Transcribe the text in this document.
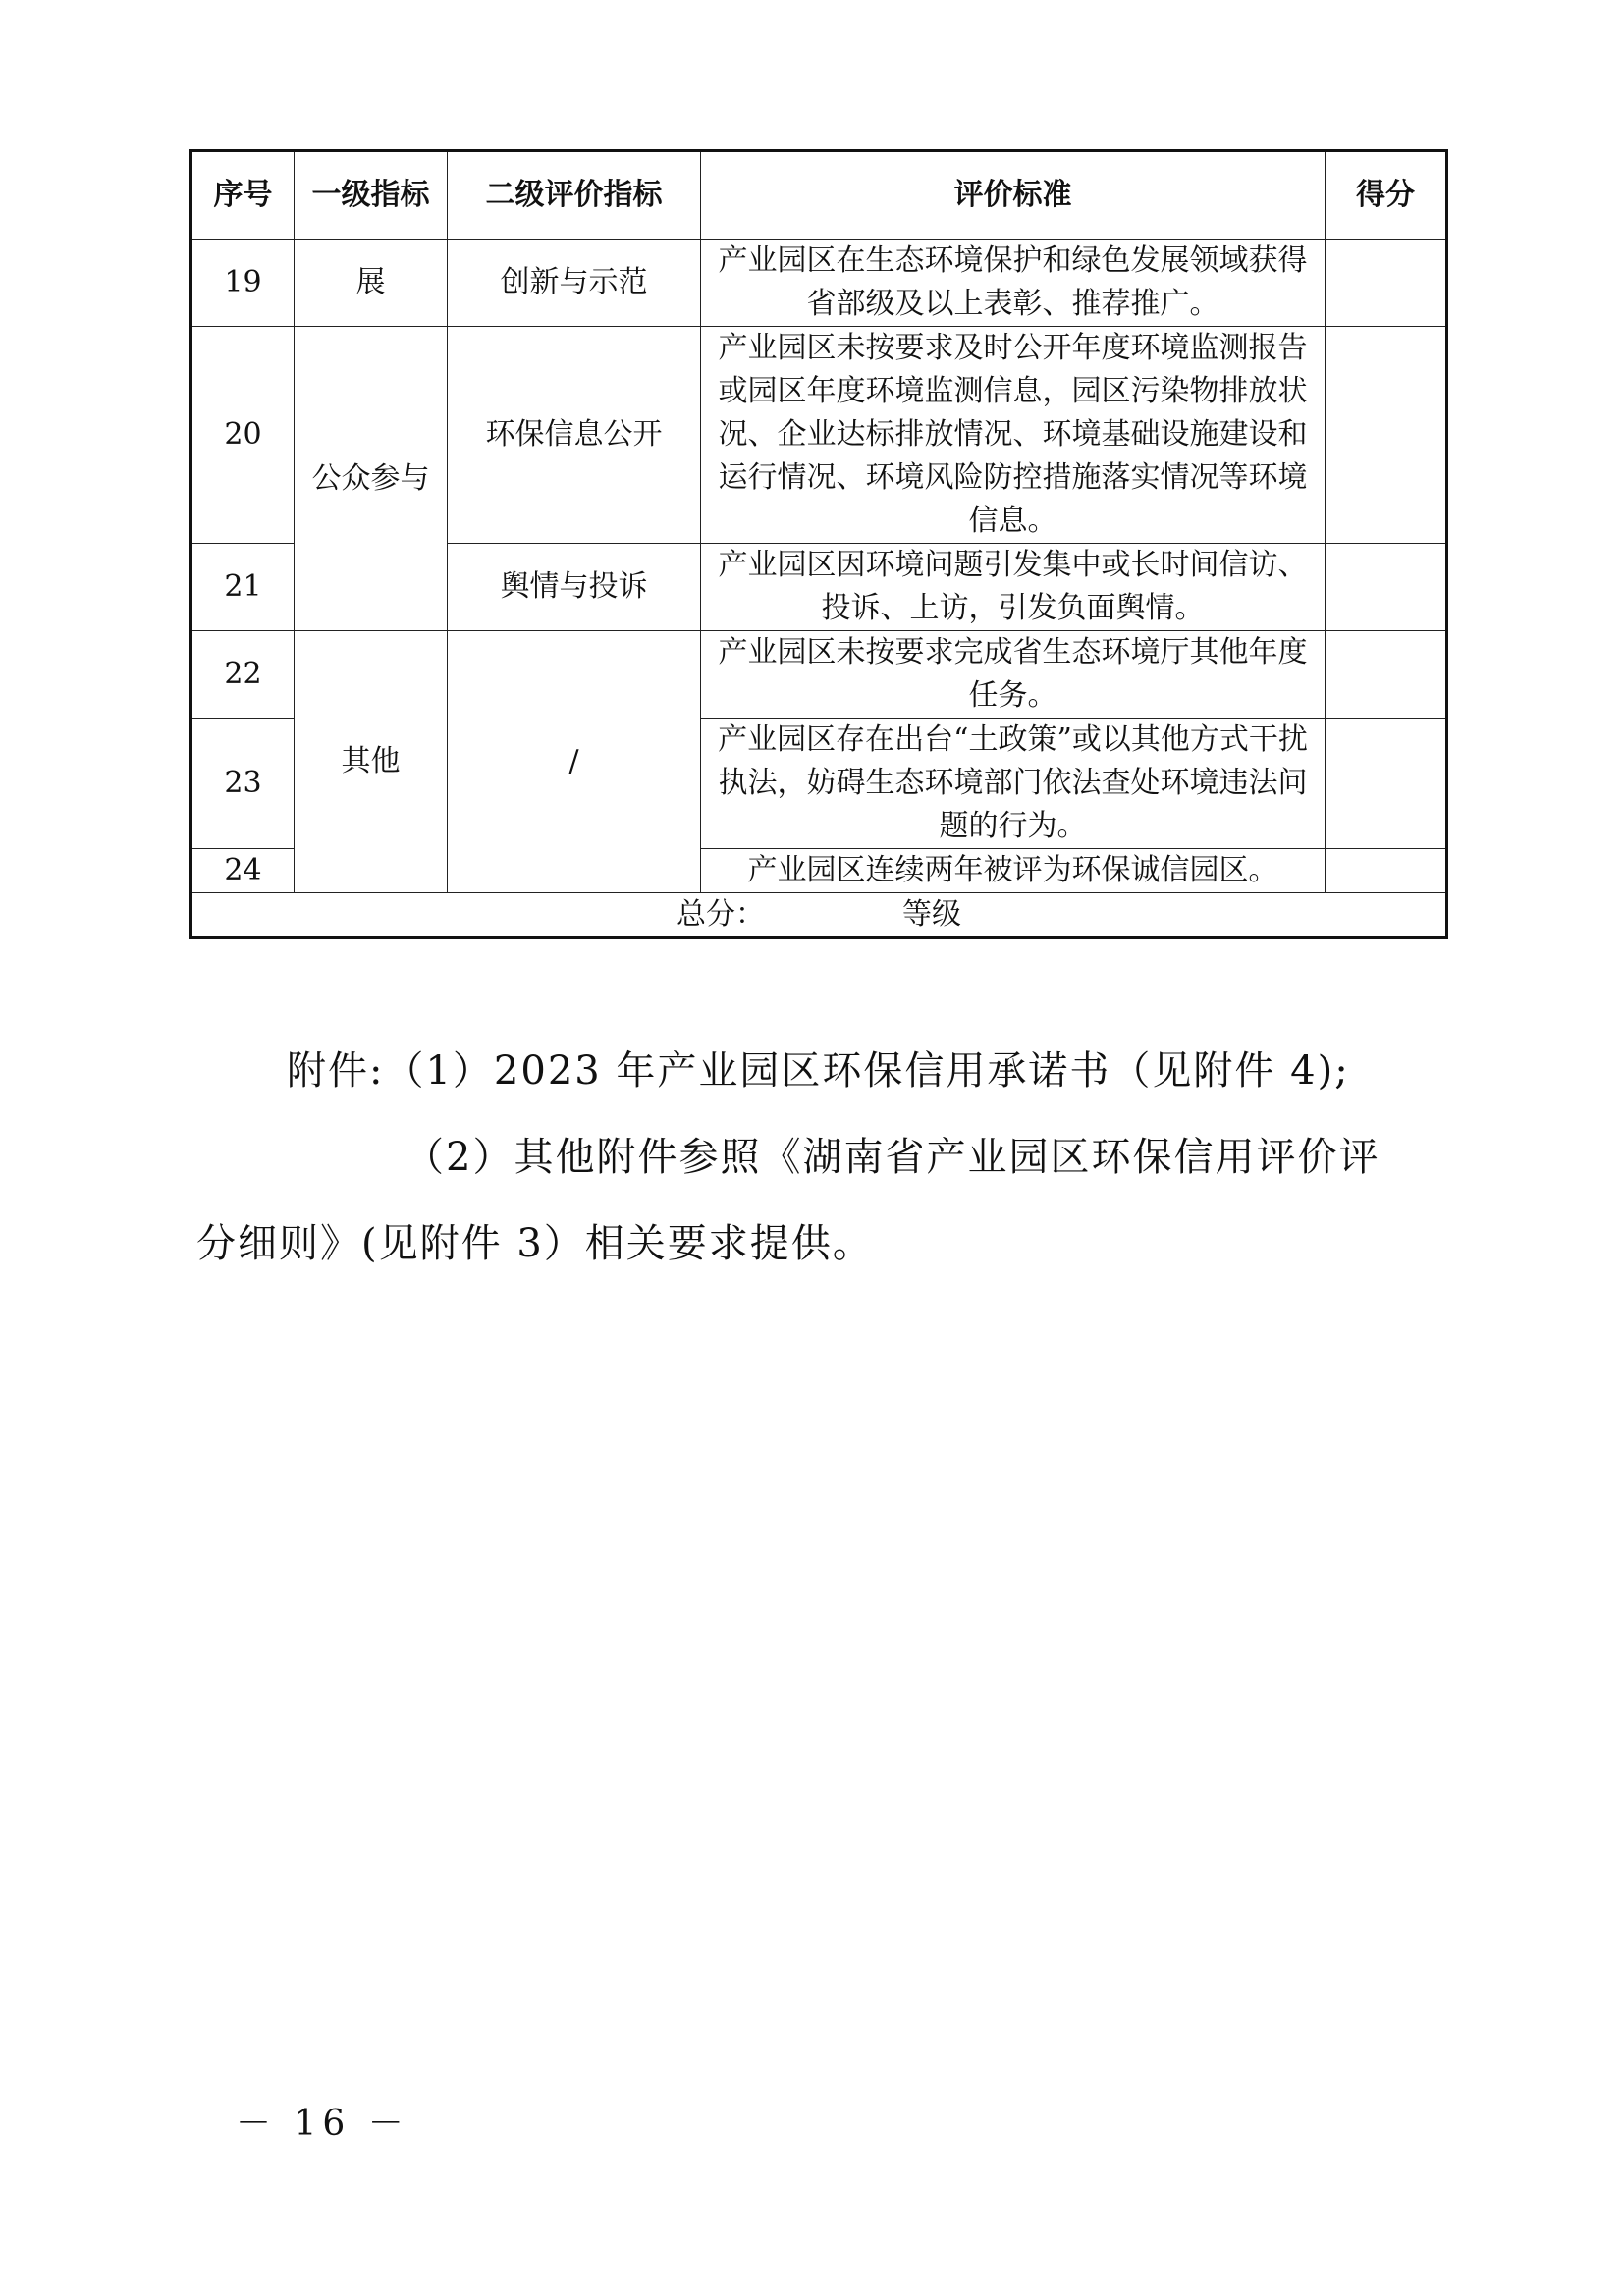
序号	一级指标	二级评价指标	评价标准	得分
19	展	创新与示范	产业园区在生态环境保护和绿色发展领域获得省部级及以上表彰、推荐推广。	
20	公众参与	环保信息公开	产业园区未按要求及时公开年度环境监测报告或园区年度环境监测信息，园区污染物排放状况、企业达标排放情况、环境基础设施建设和运行情况、环境风险防控措施落实情况等环境信息。	
21		舆情与投诉	产业园区因环境问题引发集中或长时间信访、投诉、上访，引发负面舆情。	
22	其他	/	产业园区未按要求完成省生态环境厅其他年度任务。	
23			产业园区存在出台“土政策”或以其他方式干扰执法，妨碍生态环境部门依法查处环境违法问题的行为。	
24			产业园区连续两年被评为环保诚信园区。	
总分： 等级				
附件:（1）2023 年产业园区环保信用承诺书（见附件 4);
（2）其他附件参照《湖南省产业园区环保信用评价评
分细则》(见附件 3）相关要求提供。
－ 16 －
